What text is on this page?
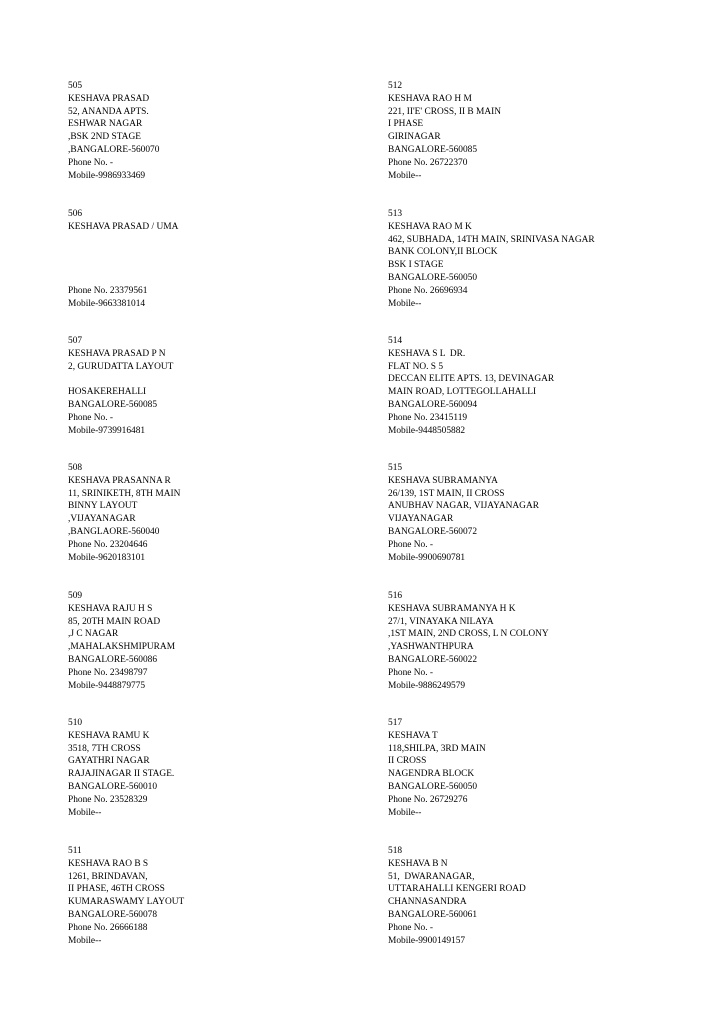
505
KESHAVA PRASAD
52, ANANDA APTS.
ESHWAR NAGAR
,BSK 2ND STAGE
,BANGALORE-560070
Phone No. -
Mobile-9986933469
506
KESHAVA PRASAD / UMA
Phone No. 23379561
Mobile-9663381014
507
KESHAVA PRASAD P N
2, GURUDATTA LAYOUT
HOSAKEREHALLI
BANGALORE-560085
Phone No. -
Mobile-9739916481
508
KESHAVA PRASANNA R
11, SRINIKETH, 8TH MAIN
BINNY LAYOUT
,VIJAYANAGAR
,BANGLAORE-560040
Phone No. 23204646
Mobile-9620183101
509
KESHAVA RAJU H S
85, 20TH MAIN ROAD
,J C NAGAR
,MAHALAKSHMIPURAM
BANGALORE-560086
Phone No. 23498797
Mobile-9448879775
510
KESHAVA RAMU K
3518, 7TH CROSS
GAYATHRI NAGAR
RAJAJINAGAR II STAGE.
BANGALORE-560010
Phone No. 23528329
Mobile--
511
KESHAVA RAO B S
1261, BRINDAVAN,
II PHASE, 46TH CROSS
KUMARASWAMY LAYOUT
BANGALORE-560078
Phone No. 26666188
Mobile--
512
KESHAVA RAO H M
221, II'E' CROSS, II B MAIN
I PHASE
GIRINAGAR
BANGALORE-560085
Phone No. 26722370
Mobile--
513
KESHAVA RAO M K
462, SUBHADA, 14TH MAIN, SRINIVASA NAGAR
BANK COLONY,II BLOCK
BSK I STAGE
BANGALORE-560050
Phone No. 26696934
Mobile--
514
KESHAVA S L  DR.
FLAT NO. S 5
DECCAN ELITE APTS. 13, DEVINAGAR
MAIN ROAD, LOTTEGOLLAHALLI
BANGALORE-560094
Phone No. 23415119
Mobile-9448505882
515
KESHAVA SUBRAMANYA
26/139, 1ST MAIN, II CROSS
ANUBHAV NAGAR, VIJAYANAGAR
VIJAYANAGAR
BANGALORE-560072
Phone No. -
Mobile-9900690781
516
KESHAVA SUBRAMANYA H K
27/1, VINAYAKA NILAYA
,1ST MAIN, 2ND CROSS, L N COLONY
,YASHWANTHPURA
BANGALORE-560022
Phone No. -
Mobile-9886249579
517
KESHAVA T
118,SHILPA, 3RD MAIN
II CROSS
NAGENDRA BLOCK
BANGALORE-560050
Phone No. 26729276
Mobile--
518
KESHAVA B N
51,  DWARANAGAR,
UTTARAHALLI KENGERI ROAD
CHANNASANDRA
BANGALORE-560061
Phone No. -
Mobile-9900149157
